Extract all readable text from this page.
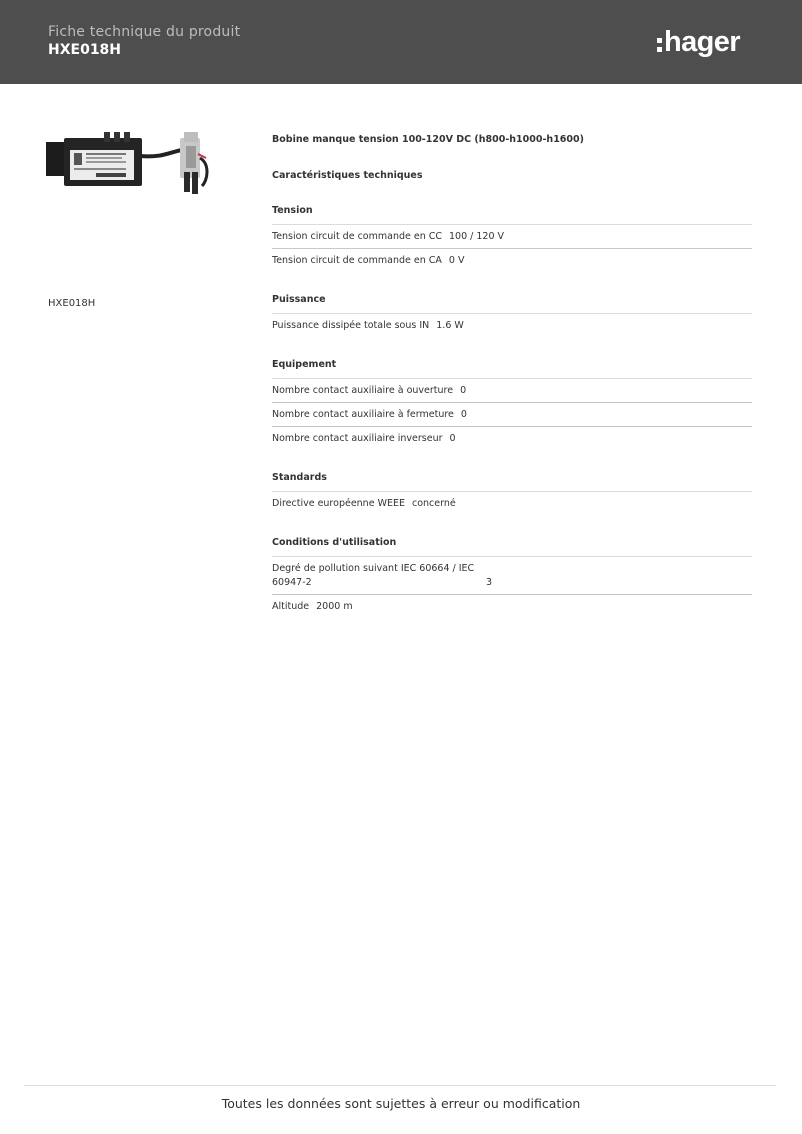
Fiche technique du produit
HXE018H	hager
HXE018H
Bobine manque tension 100-120V DC (h800-h1000-h1600)
Caractéristiques techniques
Tension
Tension circuit de commande en CC 100 / 120 V
Tension circuit de commande en CA 0 V
Puissance
Puissance dissipée totale sous IN 1.6 W
Equipement
Nombre contact auxiliaire à ouverture 0
Nombre contact auxiliaire à fermeture 0
Nombre contact auxiliaire inverseur 0
Standards
Directive européenne WEEE concerné
Conditions d'utilisation
Degré de pollution suivant IEC 60664 / IEC 60947-2	3
Altitude 2000 m
Toutes les données sont sujettes à erreur ou modification
